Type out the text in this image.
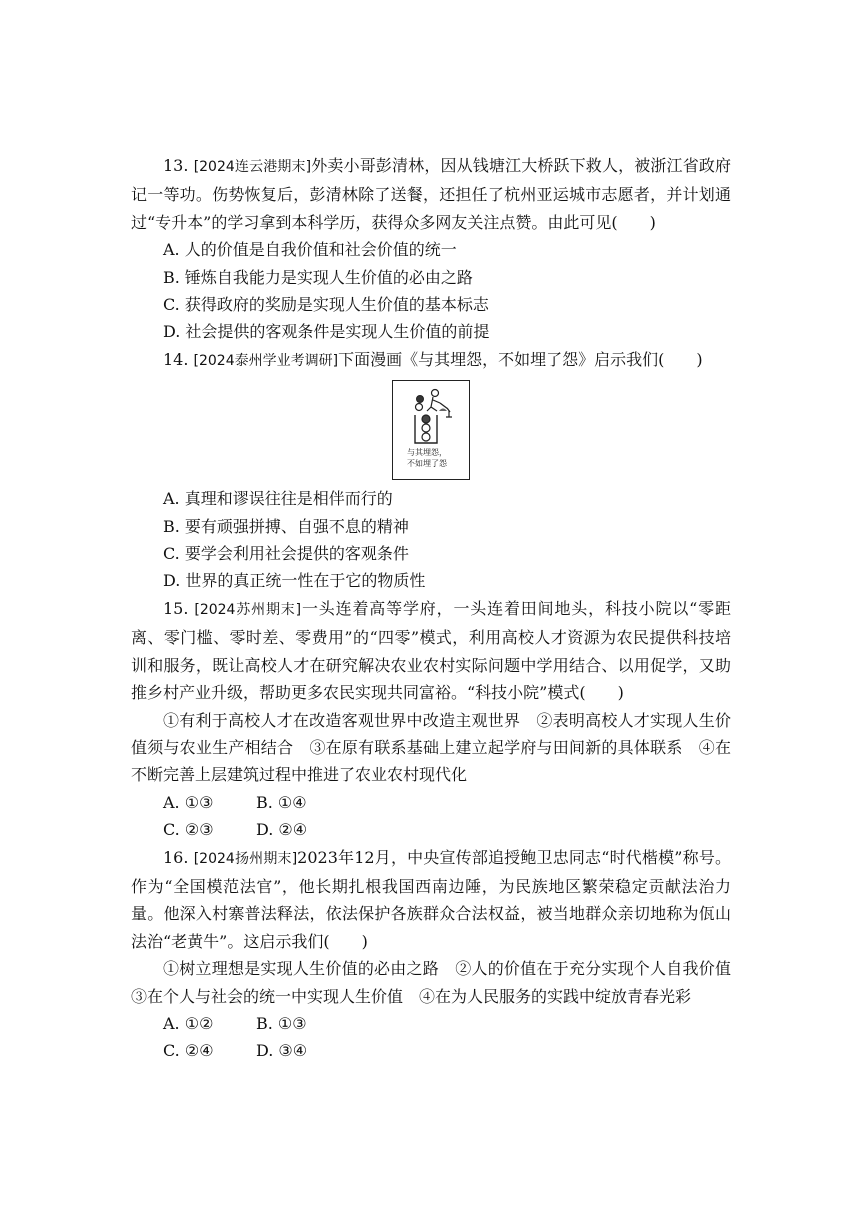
13. [2024连云港期末]外卖小哥彭清林，因从钱塘江大桥跃下救人，被浙江省政府记一等功。伤势恢复后，彭清林除了送餐，还担任了杭州亚运城市志愿者，并计划通过“专升本”的学习拿到本科学历，获得众多网友关注点赞。由此可见(　　)

A. 人的价值是自我价值和社会价值的统一

B. 锤炼自我能力是实现人生价值的必由之路

C. 获得政府的奖励是实现人生价值的基本标志

D. 社会提供的客观条件是实现人生价值的前提

14. [2024泰州学业考调研]下面漫画《与其埋怨，不如埋了怨》启示我们(　　)

与其埋怨，
不如埋了怨

A. 真理和谬误往往是相伴而行的

B. 要有顽强拼搏、自强不息的精神

C. 要学会利用社会提供的客观条件

D. 世界的真正统一性在于它的物质性

15. [2024苏州期末]一头连着高等学府，一头连着田间地头，科技小院以“零距离、零门槛、零时差、零费用”的“四零”模式，利用高校人才资源为农民提供科技培训和服务，既让高校人才在研究解决农业农村实际问题中学用结合、以用促学，又助推乡村产业升级，帮助更多农民实现共同富裕。“科技小院”模式(　　)

①有利于高校人才在改造客观世界中改造主观世界　②表明高校人才实现人生价值须与农业生产相结合　③在原有联系基础上建立起学府与田间新的具体联系　④在不断完善上层建筑过程中推进了农业农村现代化

A. ①③	B. ①④

C. ②③	D. ②④

16. [2024扬州期末]2023年12月，中央宣传部追授鲍卫忠同志“时代楷模”称号。作为“全国模范法官”，他长期扎根我国西南边陲，为民族地区繁荣稳定贡献法治力量。他深入村寨普法释法，依法保护各族群众合法权益，被当地群众亲切地称为佤山法治“老黄牛”。这启示我们(　　)

①树立理想是实现人生价值的必由之路　②人的价值在于充分实现个人自我价值　③在个人与社会的统一中实现人生价值　④在为人民服务的实践中绽放青春光彩

A. ①②	B. ①③

C. ②④	D. ③④
